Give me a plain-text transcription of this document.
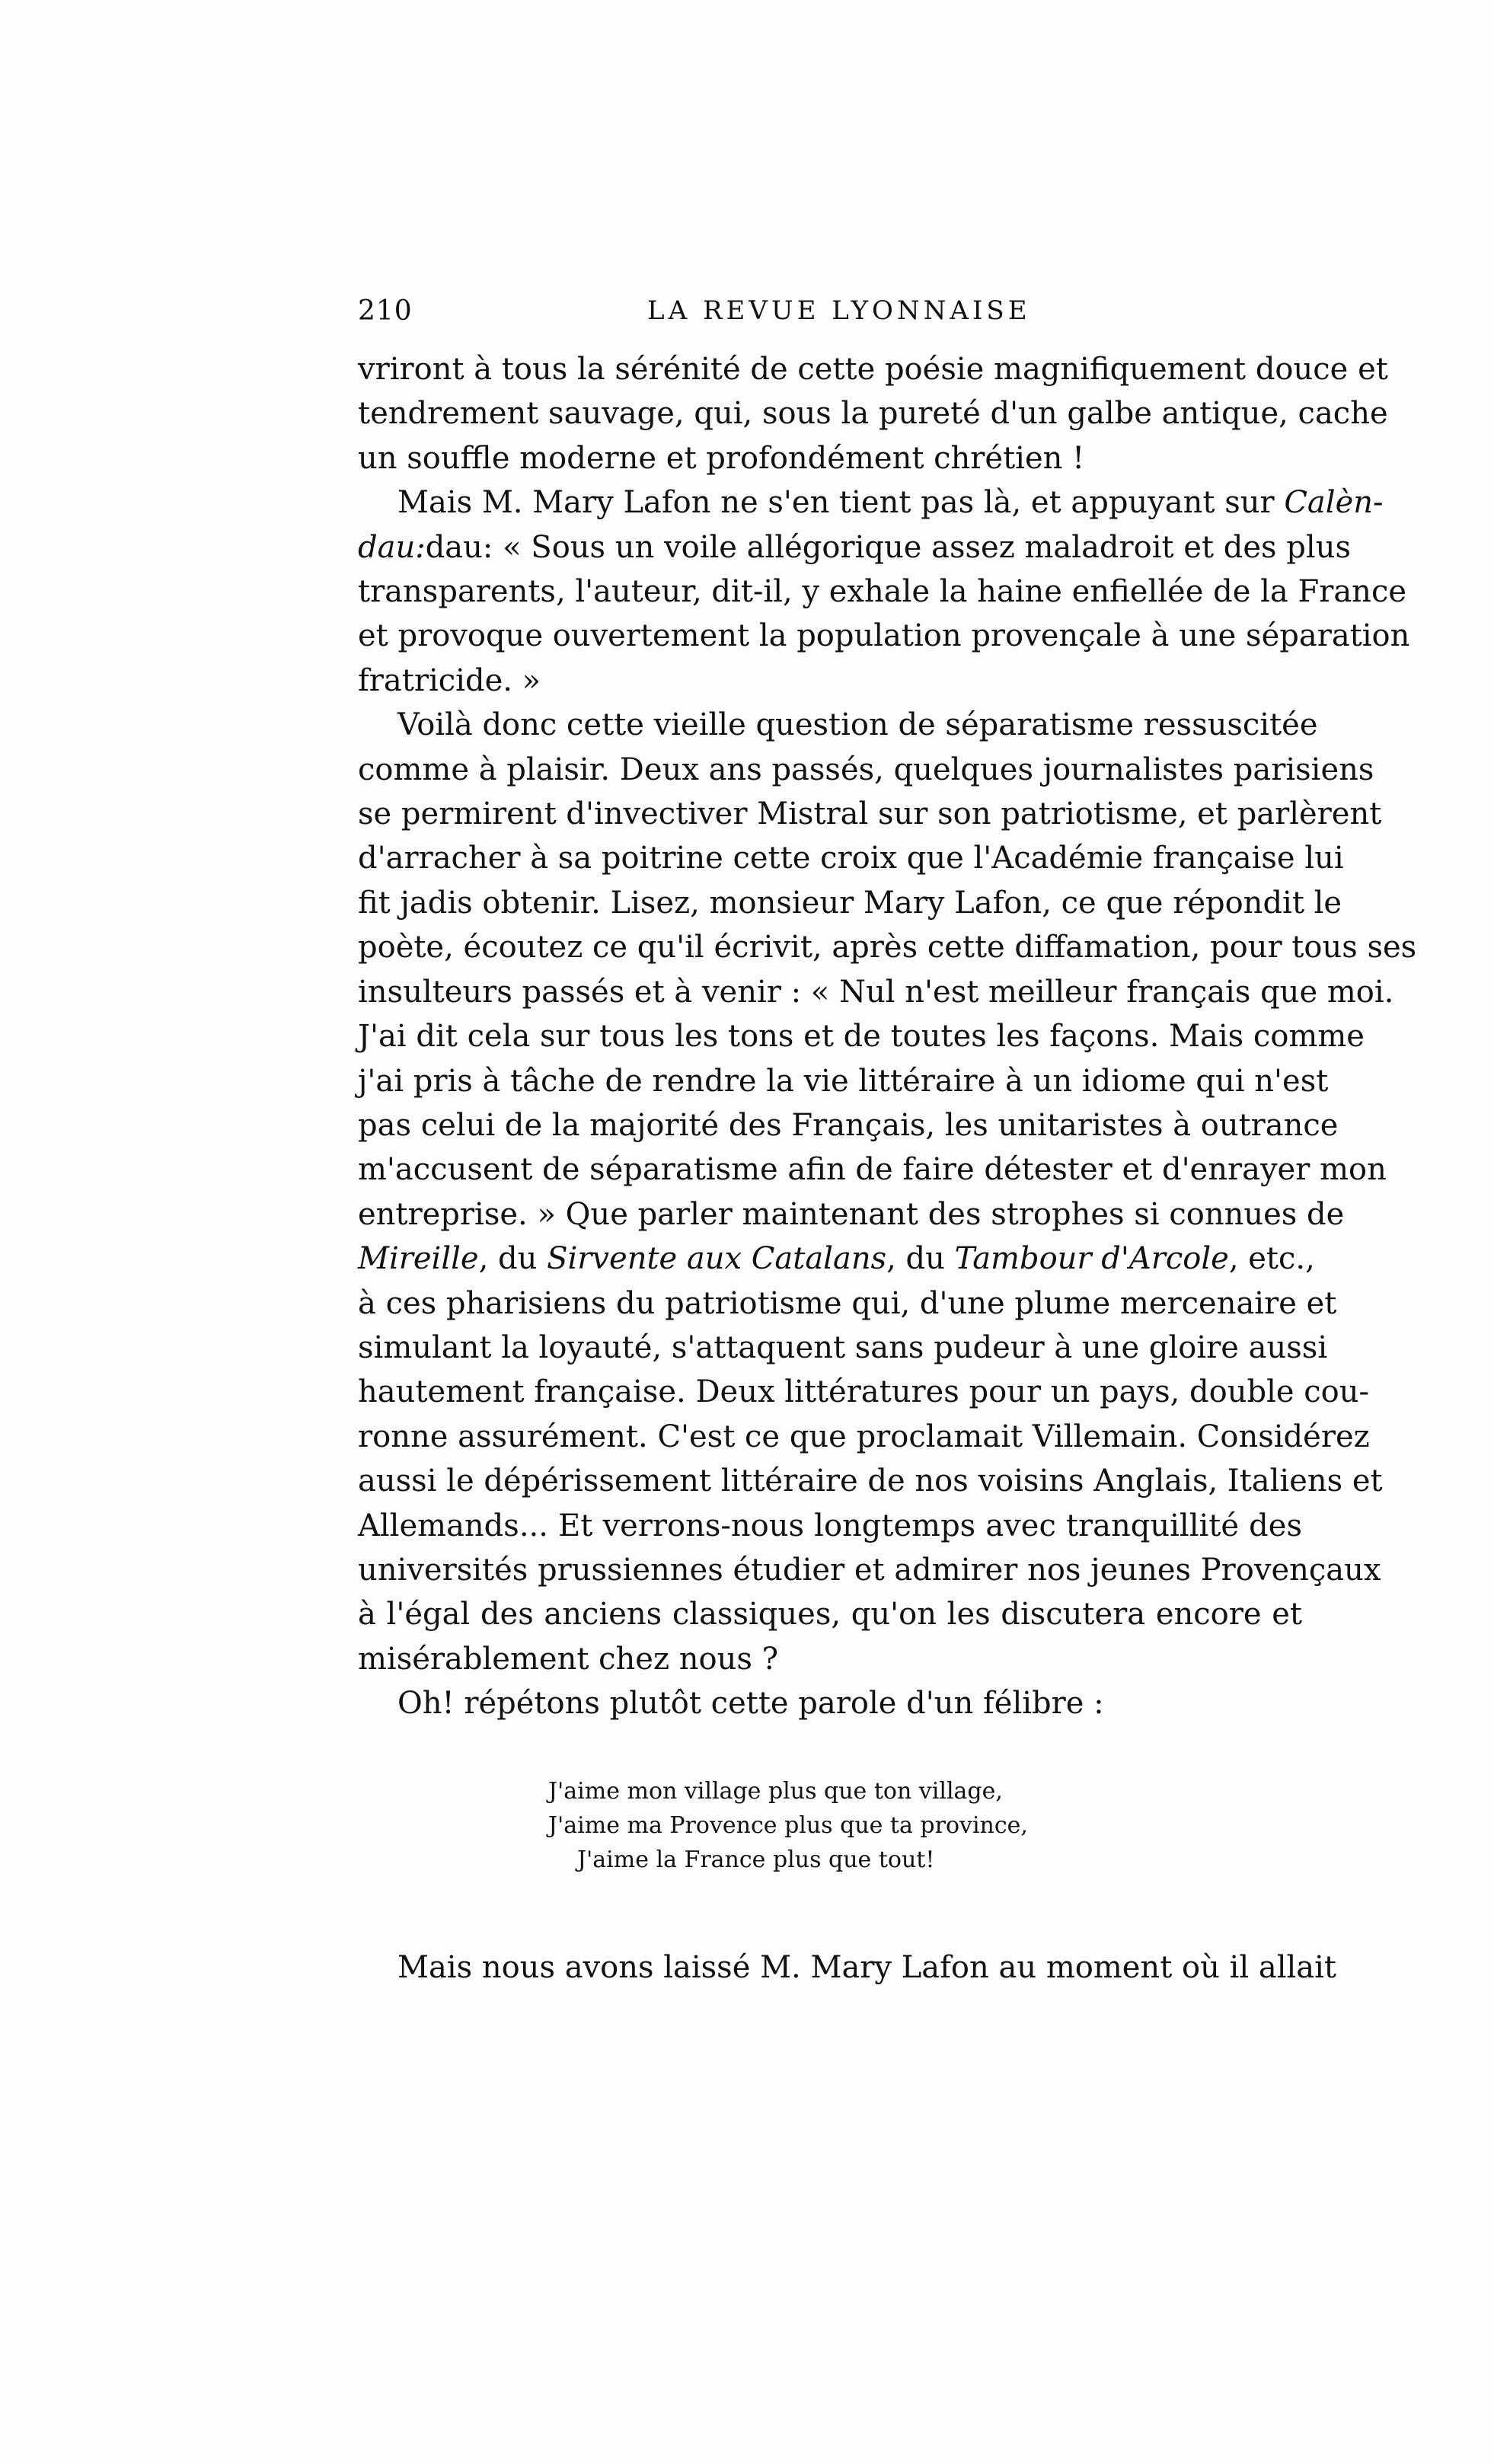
210	LA REVUE LYONNAISE

vriront à tous la sérénité de cette poésie magnifiquement douce et
tendrement sauvage, qui, sous la pureté d'un galbe antique, cache
un souffle moderne et profondément chrétien !

Mais M. Mary Lafon ne s'en tient pas là, et appuyant sur Calèn-
dau:dau: « Sous un voile allégorique assez maladroit et des plus
transparents, l'auteur, dit-il, y exhale la haine enfiellée de la France
et provoque ouvertement la population provençale à une séparation
fratricide. »

Voilà donc cette vieille question de séparatisme ressuscitée
comme à plaisir. Deux ans passés, quelques journalistes parisiens
se permirent d'invectiver Mistral sur son patriotisme, et parlèrent
d'arracher à sa poitrine cette croix que l'Académie française lui
fit jadis obtenir. Lisez, monsieur Mary Lafon, ce que répondit le
poète, écoutez ce qu'il écrivit, après cette diffamation, pour tous ses
insulteurs passés et à venir : « Nul n'est meilleur français que moi.
J'ai dit cela sur tous les tons et de toutes les façons. Mais comme
j'ai pris à tâche de rendre la vie littéraire à un idiome qui n'est
pas celui de la majorité des Français, les unitaristes à outrance
m'accusent de séparatisme afin de faire détester et d'enrayer mon
entreprise. » Que parler maintenant des strophes si connues de
Mireille, du Sirvente aux Catalans, du Tambour d'Arcole, etc.,
à ces pharisiens du patriotisme qui, d'une plume mercenaire et
simulant la loyauté, s'attaquent sans pudeur à une gloire aussi
hautement française. Deux littératures pour un pays, double cou-
ronne assurément. C'est ce que proclamait Villemain. Considérez
aussi le dépérissement littéraire de nos voisins Anglais, Italiens et
Allemands... Et verrons-nous longtemps avec tranquillité des
universités prussiennes étudier et admirer nos jeunes Provençaux
à l'égal des anciens classiques, qu'on les discutera encore et
misérablement chez nous ?

Oh! répétons plutôt cette parole d'un félibre :

J'aime mon village plus que ton village,
J'aime ma Provence plus que ta province,
J'aime la France plus que tout!
Mais nous avons laissé M. Mary Lafon au moment où il allait
